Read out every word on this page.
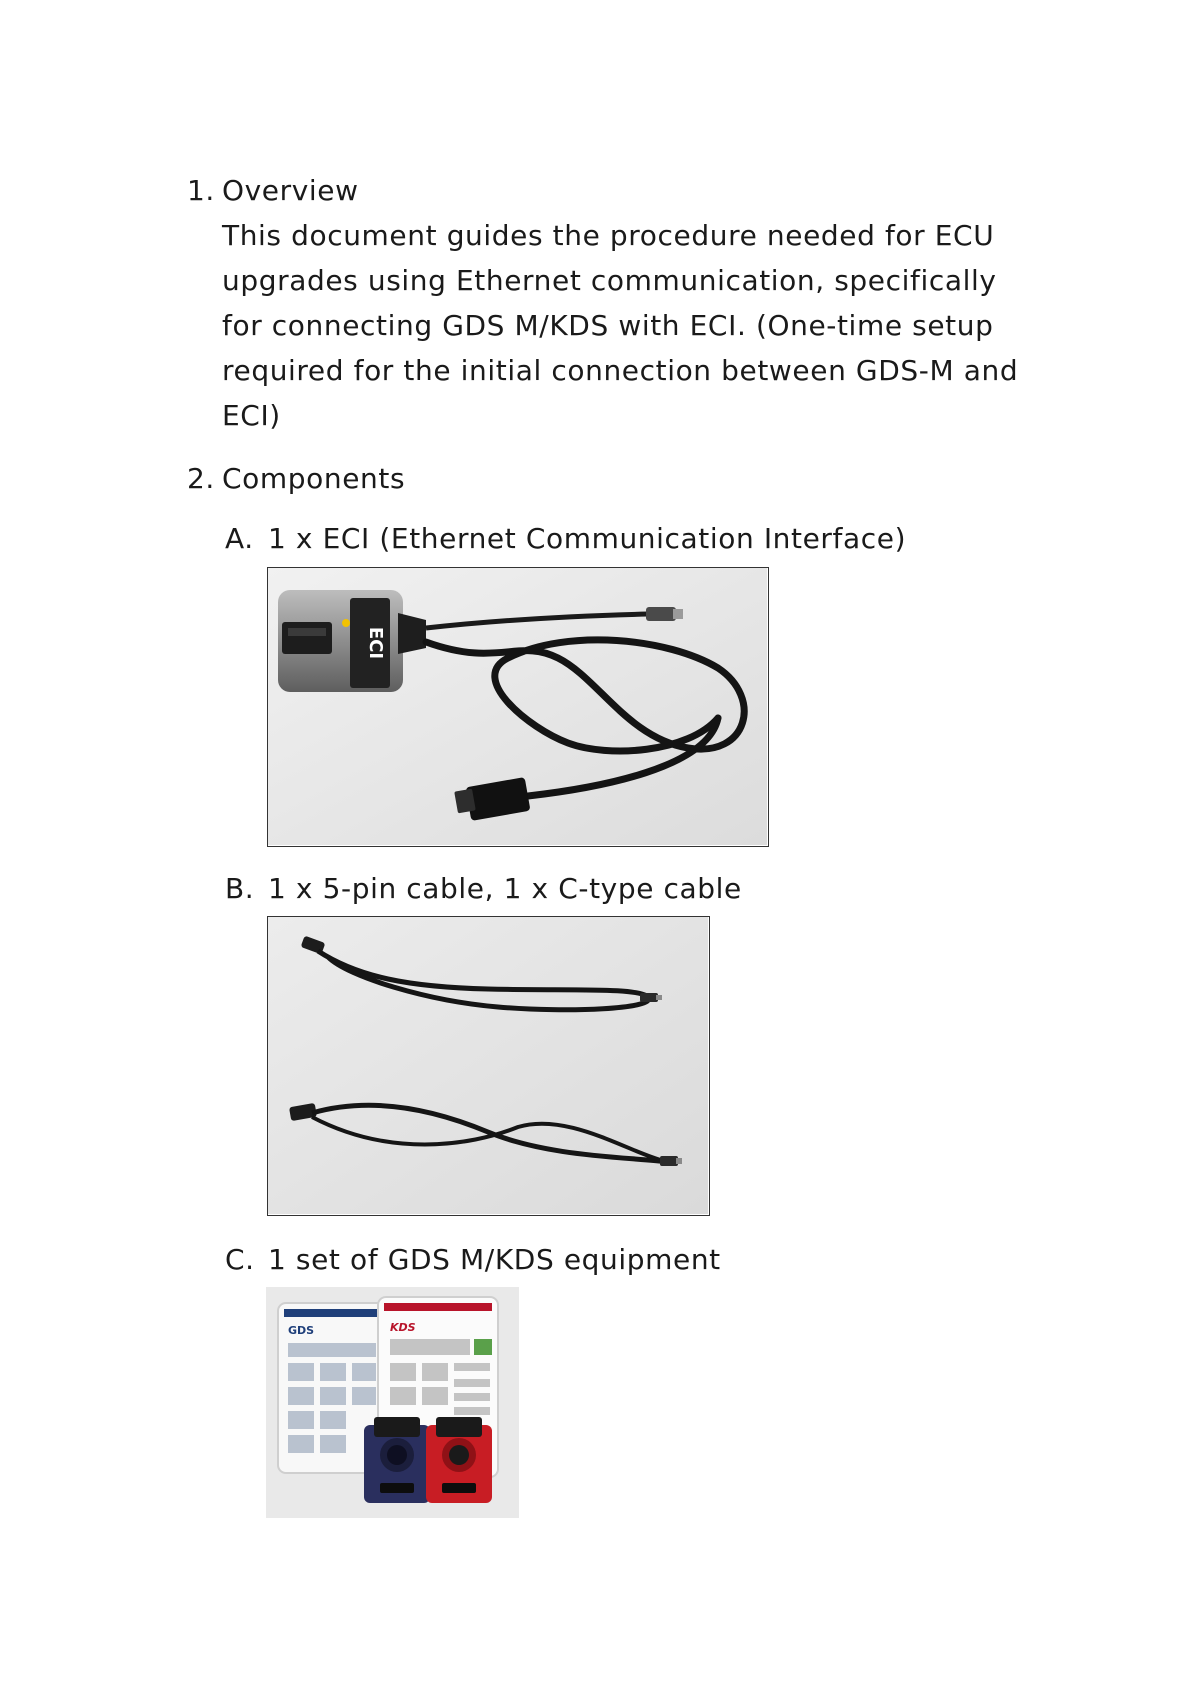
1. Overview
This document guides the procedure needed for ECU
upgrades using Ethernet communication, specifically
for connecting GDS M/KDS with ECI. (One-time setup
required for the initial connection between GDS-M and
ECI)
2. Components
A. 1 x ECI (Ethernet Communication Interface)
ECI
B. 1 x 5-pin cable, 1 x C-type cable
C. 1 set of GDS M/KDS equipment
GDS	KDS
